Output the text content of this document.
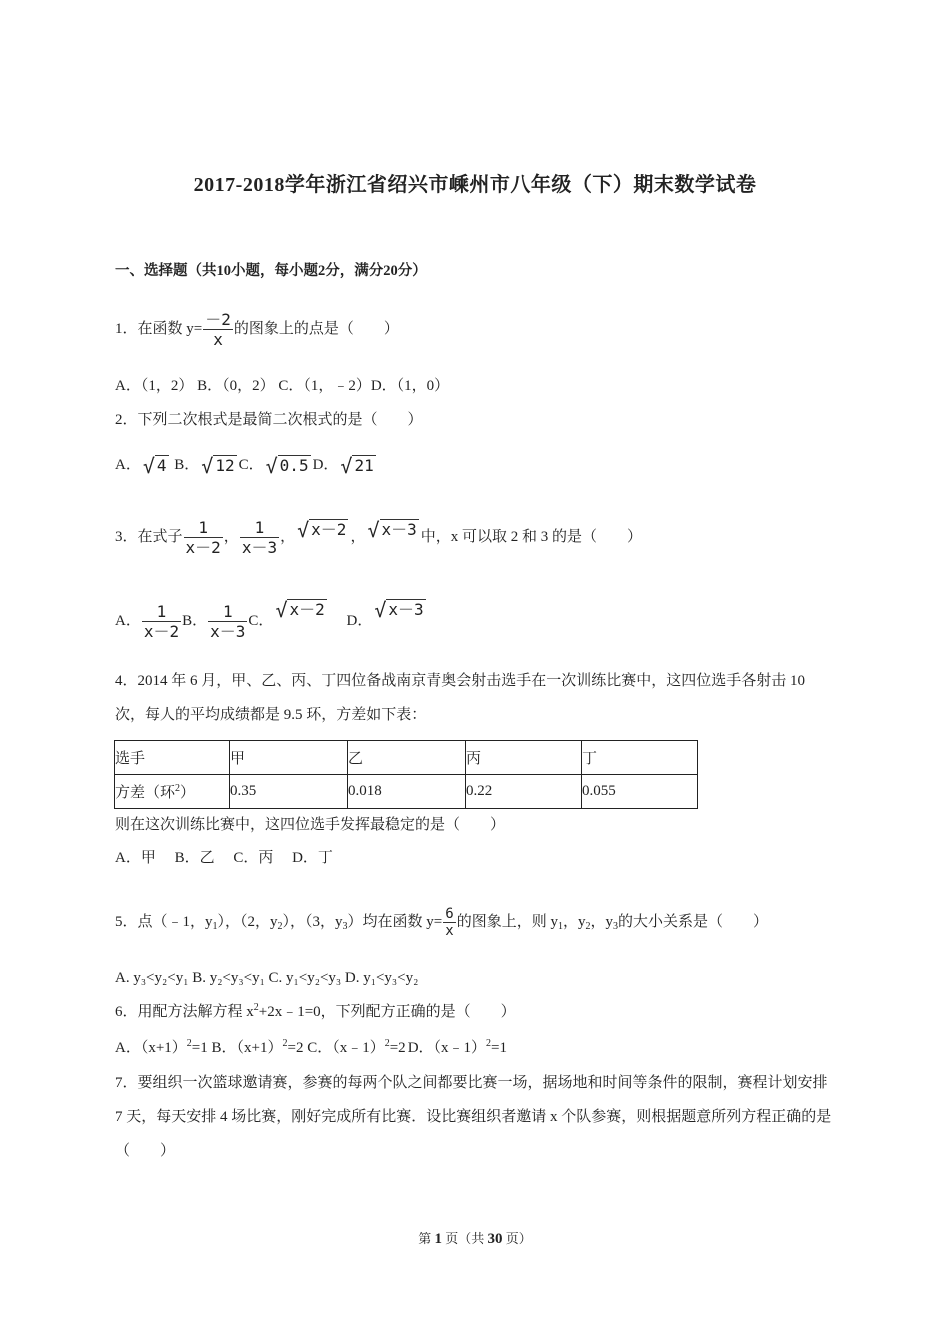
2017-2018学年浙江省绍兴市嵊州市八年级（下）期末数学试卷
一、选择题（共10小题，每小题2分，满分20分）
1．在函数 $y= \frac{-2}{x}$ 的图象上的点是（　　）
A．（1，2） B．（0，2） C．（1，﹣2）D．（1，0）
2．下列二次根式是最简二次根式的是（　　）
A． √ 4 B． √ 12 C． √ 0.5 D． √ 21
3．在式子 $\frac{1}{x-2}$ ， $\frac{1}{x-3}$ ， √ x－2 ， √ x－3 中，x 可以取 2 和 3 的是（　　）
A． $\frac{1}{x-2}$ B． $\frac{1}{x-3}$ C． √ x－2 D． √ x－3
4．2014 年 6 月，甲、乙、丙、丁四位备战南京青奥会射击选手在一次训练比赛中，这四位选手各射击 10 次，每人的平均成绩都是 9.5 环，方差如下表：
选手	甲	乙	丙	丁
方差（环$^2$）	0.35	0.018	0.22	0.055
则在这次训练比赛中，这四位选手发挥最稳定的是（　　）
A．甲　 B．乙　 C．丙　 D．丁
5．点（﹣1，$y_1$），（2，$y_2$），（3，$y_3$）均在函数 $y= \frac{6}{x}$ 的图象上，则 $y_1$，$y_2$，$y_3$的大小关系是（　　）
A. y₃<y₂<y₁ B. y₂<y₃<y₁ C. y₁<y₂<y₃ D. y₁<y₃<y₂
6．用配方法解方程 $x^2+2x﹣1=0$，下列配方正确的是（　　）
A．$(x+1)^2=1$ B．$(x+1)^2=2$ C．（x﹣1）$^2$=2 D．（x﹣1）$^2$=1
7．要组织一次篮球邀请赛，参赛的每两个队之间都要比赛一场，据场地和时间等条件的限制，赛程计划安排 7 天，每天安排 4 场比赛，刚好完成所有比赛．设比赛组织者邀请 x 个队参赛，则根据题意所列方程正确的是（　　）
第 1 页（共 30 页）
